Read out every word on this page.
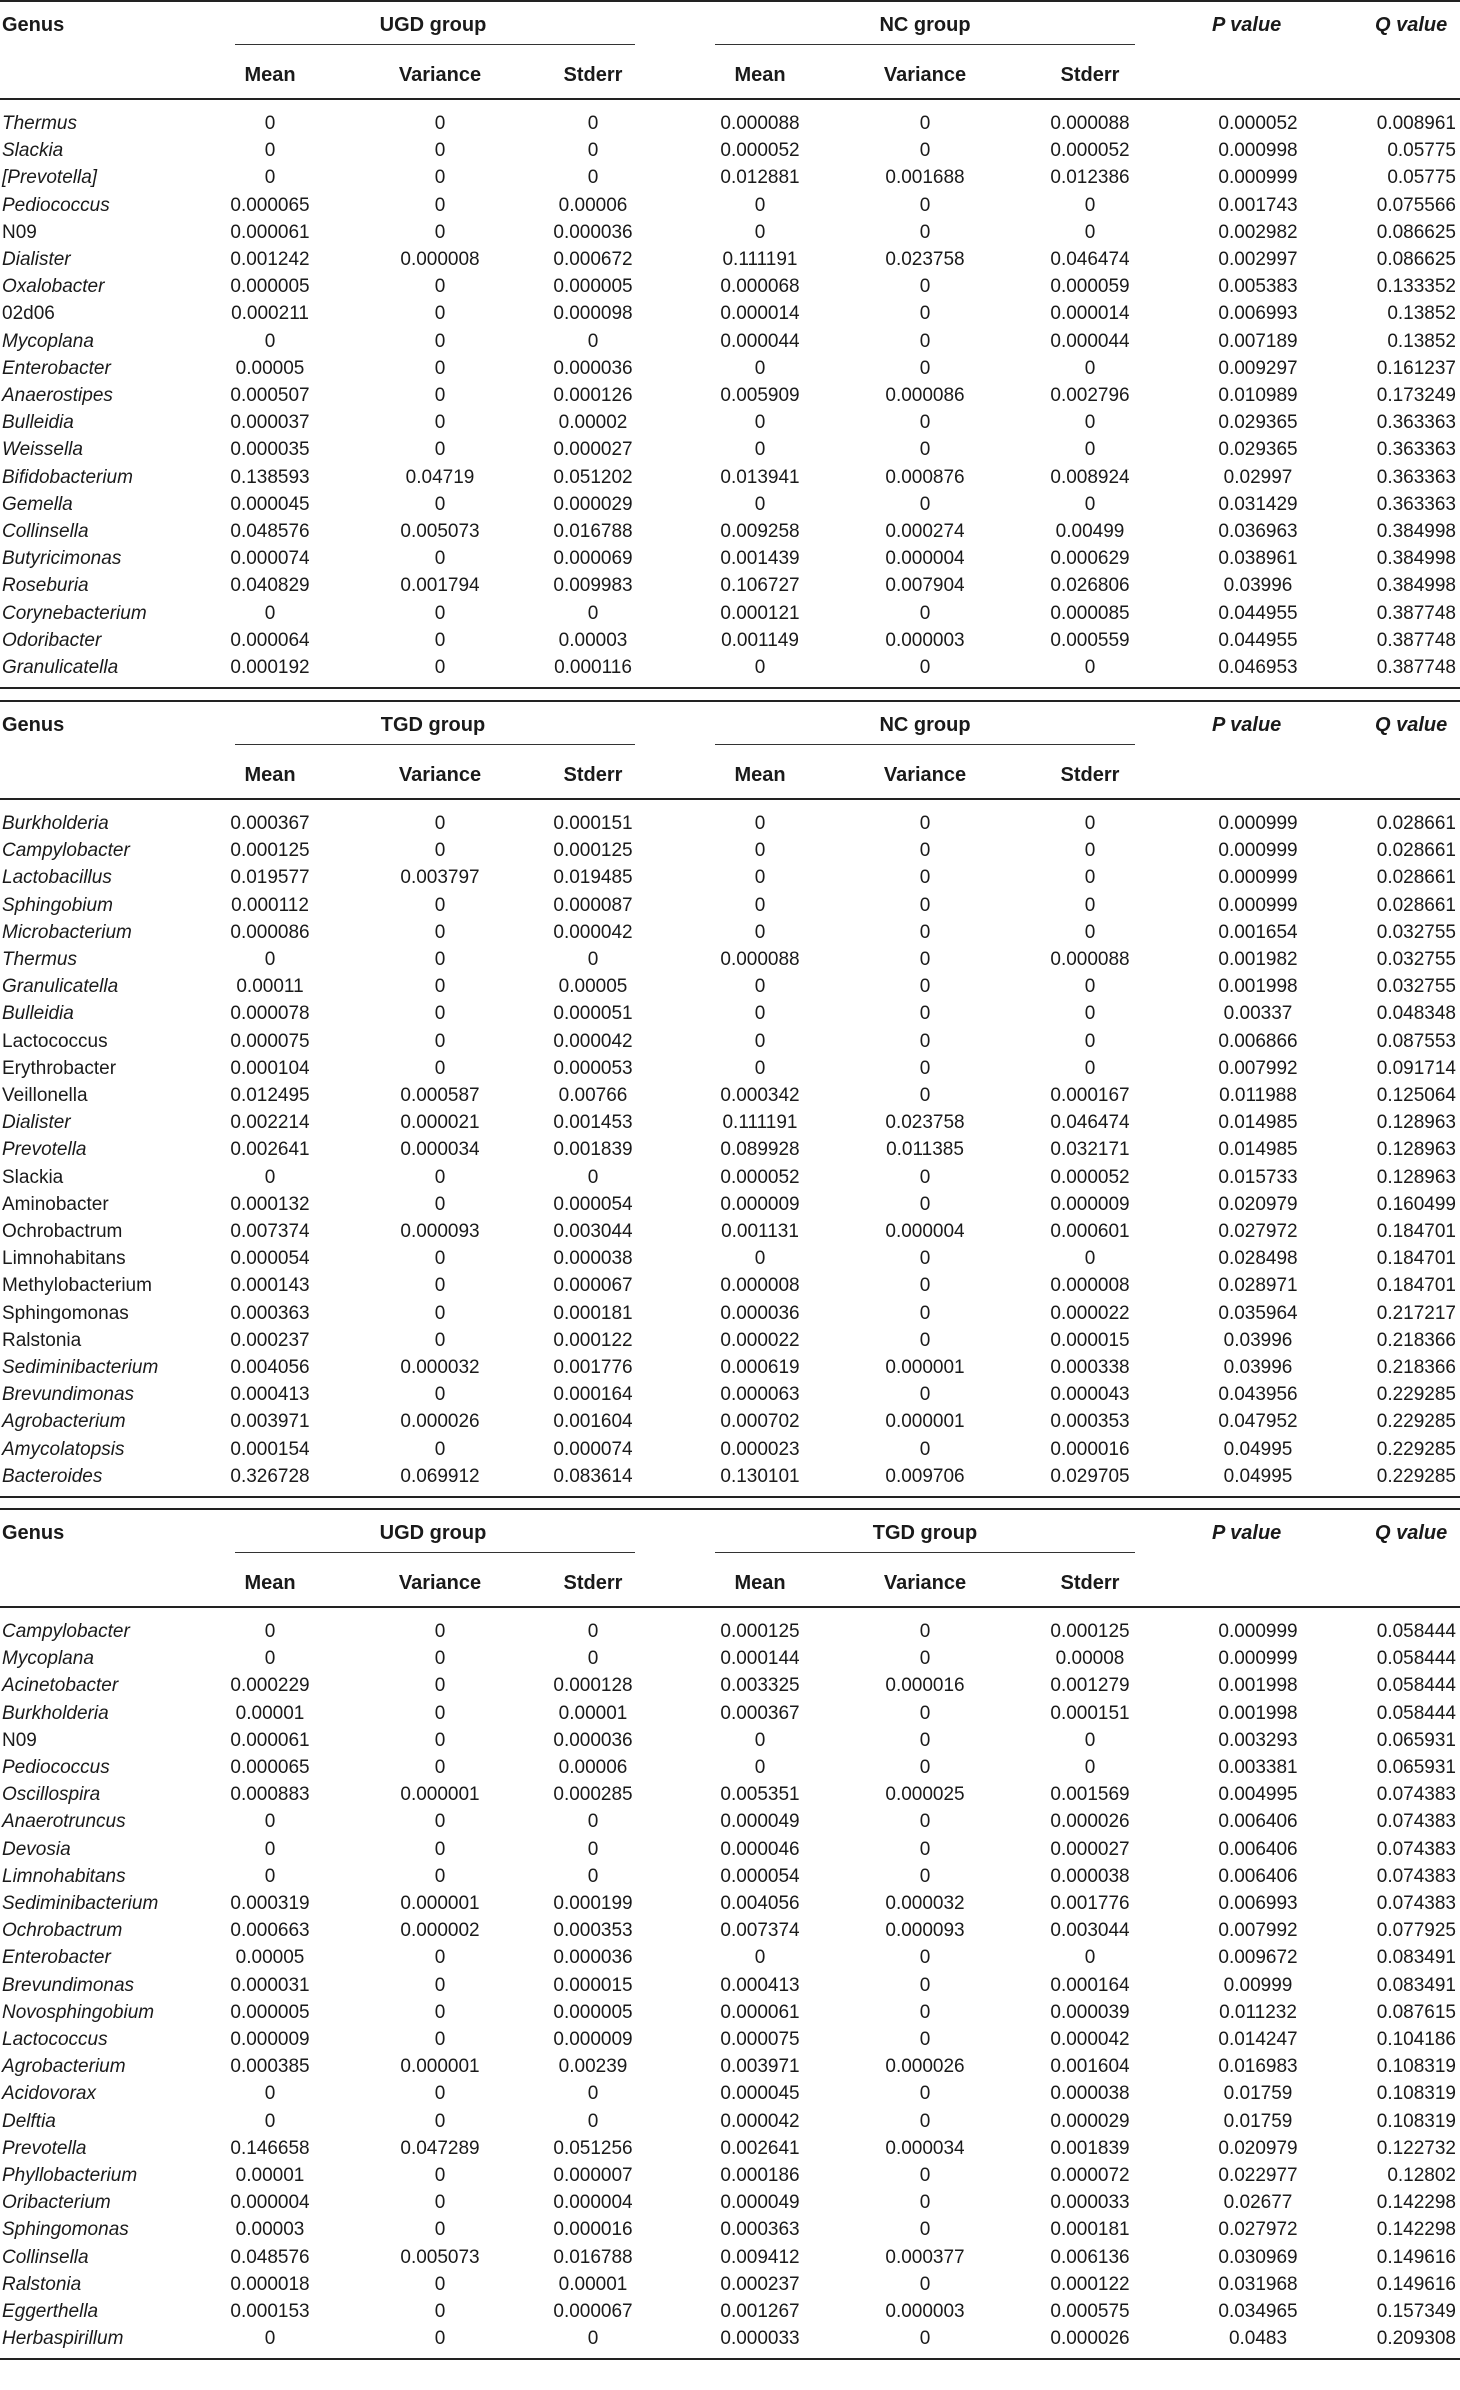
Genus	UGD group	NC group	P value	Q value
Mean	Variance	Stderr	Mean	Variance	Stderr
Thermus	0	0	0	0.000088	0	0.000088	0.000052	0.008961
Slackia	0	0	0	0.000052	0	0.000052	0.000998	0.05775
[Prevotella]	0	0	0	0.012881	0.001688	0.012386	0.000999	0.05775
Pediococcus	0.000065	0	0.00006	0	0	0	0.001743	0.075566
N09	0.000061	0	0.000036	0	0	0	0.002982	0.086625
Dialister	0.001242	0.000008	0.000672	0.111191	0.023758	0.046474	0.002997	0.086625
Oxalobacter	0.000005	0	0.000005	0.000068	0	0.000059	0.005383	0.133352
02d06	0.000211	0	0.000098	0.000014	0	0.000014	0.006993	0.13852
Mycoplana	0	0	0	0.000044	0	0.000044	0.007189	0.13852
Enterobacter	0.00005	0	0.000036	0	0	0	0.009297	0.161237
Anaerostipes	0.000507	0	0.000126	0.005909	0.000086	0.002796	0.010989	0.173249
Bulleidia	0.000037	0	0.00002	0	0	0	0.029365	0.363363
Weissella	0.000035	0	0.000027	0	0	0	0.029365	0.363363
Bifidobacterium	0.138593	0.04719	0.051202	0.013941	0.000876	0.008924	0.02997	0.363363
Gemella	0.000045	0	0.000029	0	0	0	0.031429	0.363363
Collinsella	0.048576	0.005073	0.016788	0.009258	0.000274	0.00499	0.036963	0.384998
Butyricimonas	0.000074	0	0.000069	0.001439	0.000004	0.000629	0.038961	0.384998
Roseburia	0.040829	0.001794	0.009983	0.106727	0.007904	0.026806	0.03996	0.384998
Corynebacterium	0	0	0	0.000121	0	0.000085	0.044955	0.387748
Odoribacter	0.000064	0	0.00003	0.001149	0.000003	0.000559	0.044955	0.387748
Granulicatella	0.000192	0	0.000116	0	0	0	0.046953	0.387748
Genus	TGD group	NC group	P value	Q value
Mean	Variance	Stderr	Mean	Variance	Stderr
Burkholderia	0.000367	0	0.000151	0	0	0	0.000999	0.028661
Campylobacter	0.000125	0	0.000125	0	0	0	0.000999	0.028661
Lactobacillus	0.019577	0.003797	0.019485	0	0	0	0.000999	0.028661
Sphingobium	0.000112	0	0.000087	0	0	0	0.000999	0.028661
Microbacterium	0.000086	0	0.000042	0	0	0	0.001654	0.032755
Thermus	0	0	0	0.000088	0	0.000088	0.001982	0.032755
Granulicatella	0.00011	0	0.00005	0	0	0	0.001998	0.032755
Bulleidia	0.000078	0	0.000051	0	0	0	0.00337	0.048348
Lactococcus	0.000075	0	0.000042	0	0	0	0.006866	0.087553
Erythrobacter	0.000104	0	0.000053	0	0	0	0.007992	0.091714
Veillonella	0.012495	0.000587	0.00766	0.000342	0	0.000167	0.011988	0.125064
Dialister	0.002214	0.000021	0.001453	0.111191	0.023758	0.046474	0.014985	0.128963
Prevotella	0.002641	0.000034	0.001839	0.089928	0.011385	0.032171	0.014985	0.128963
Slackia	0	0	0	0.000052	0	0.000052	0.015733	0.128963
Aminobacter	0.000132	0	0.000054	0.000009	0	0.000009	0.020979	0.160499
Ochrobactrum	0.007374	0.000093	0.003044	0.001131	0.000004	0.000601	0.027972	0.184701
Limnohabitans	0.000054	0	0.000038	0	0	0	0.028498	0.184701
Methylobacterium	0.000143	0	0.000067	0.000008	0	0.000008	0.028971	0.184701
Sphingomonas	0.000363	0	0.000181	0.000036	0	0.000022	0.035964	0.217217
Ralstonia	0.000237	0	0.000122	0.000022	0	0.000015	0.03996	0.218366
Sediminibacterium	0.004056	0.000032	0.001776	0.000619	0.000001	0.000338	0.03996	0.218366
Brevundimonas	0.000413	0	0.000164	0.000063	0	0.000043	0.043956	0.229285
Agrobacterium	0.003971	0.000026	0.001604	0.000702	0.000001	0.000353	0.047952	0.229285
Amycolatopsis	0.000154	0	0.000074	0.000023	0	0.000016	0.04995	0.229285
Bacteroides	0.326728	0.069912	0.083614	0.130101	0.009706	0.029705	0.04995	0.229285
Genus	UGD group	TGD group	P value	Q value
Mean	Variance	Stderr	Mean	Variance	Stderr
Campylobacter	0	0	0	0.000125	0	0.000125	0.000999	0.058444
Mycoplana	0	0	0	0.000144	0	0.00008	0.000999	0.058444
Acinetobacter	0.000229	0	0.000128	0.003325	0.000016	0.001279	0.001998	0.058444
Burkholderia	0.00001	0	0.00001	0.000367	0	0.000151	0.001998	0.058444
N09	0.000061	0	0.000036	0	0	0	0.003293	0.065931
Pediococcus	0.000065	0	0.00006	0	0	0	0.003381	0.065931
Oscillospira	0.000883	0.000001	0.000285	0.005351	0.000025	0.001569	0.004995	0.074383
Anaerotruncus	0	0	0	0.000049	0	0.000026	0.006406	0.074383
Devosia	0	0	0	0.000046	0	0.000027	0.006406	0.074383
Limnohabitans	0	0	0	0.000054	0	0.000038	0.006406	0.074383
Sediminibacterium	0.000319	0.000001	0.000199	0.004056	0.000032	0.001776	0.006993	0.074383
Ochrobactrum	0.000663	0.000002	0.000353	0.007374	0.000093	0.003044	0.007992	0.077925
Enterobacter	0.00005	0	0.000036	0	0	0	0.009672	0.083491
Brevundimonas	0.000031	0	0.000015	0.000413	0	0.000164	0.00999	0.083491
Novosphingobium	0.000005	0	0.000005	0.000061	0	0.000039	0.011232	0.087615
Lactococcus	0.000009	0	0.000009	0.000075	0	0.000042	0.014247	0.104186
Agrobacterium	0.000385	0.000001	0.00239	0.003971	0.000026	0.001604	0.016983	0.108319
Acidovorax	0	0	0	0.000045	0	0.000038	0.01759	0.108319
Delftia	0	0	0	0.000042	0	0.000029	0.01759	0.108319
Prevotella	0.146658	0.047289	0.051256	0.002641	0.000034	0.001839	0.020979	0.122732
Phyllobacterium	0.00001	0	0.000007	0.000186	0	0.000072	0.022977	0.12802
Oribacterium	0.000004	0	0.000004	0.000049	0	0.000033	0.02677	0.142298
Sphingomonas	0.00003	0	0.000016	0.000363	0	0.000181	0.027972	0.142298
Collinsella	0.048576	0.005073	0.016788	0.009412	0.000377	0.006136	0.030969	0.149616
Ralstonia	0.000018	0	0.00001	0.000237	0	0.000122	0.031968	0.149616
Eggerthella	0.000153	0	0.000067	0.001267	0.000003	0.000575	0.034965	0.157349
Herbaspirillum	0	0	0	0.000033	0	0.000026	0.0483	0.209308
